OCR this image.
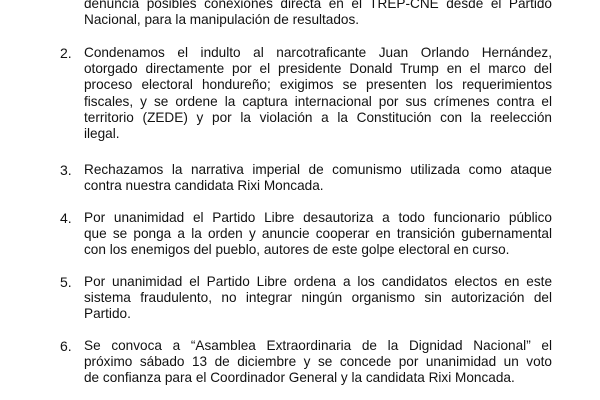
denuncia posibles conexiones directa en el TREP-CNE desde el Partido
Nacional, para la manipulación de resultados.
2. Condenamos el indulto al narcotraficante Juan Orlando Hernández,
otorgado directamente por el presidente Donald Trump en el marco del
proceso electoral hondureño; exigimos se presenten los requerimientos
fiscales, y se ordene la captura internacional por sus crímenes contra el
territorio (ZEDE) y por la violación a la Constitución con la reelección
ilegal.
3. Rechazamos la narrativa imperial de comunismo utilizada como ataque
contra nuestra candidata Rixi Moncada.
4. Por unanimidad el Partido Libre desautoriza a todo funcionario público
que se ponga a la orden y anuncie cooperar en transición gubernamental
con los enemigos del pueblo, autores de este golpe electoral en curso.
5. Por unanimidad el Partido Libre ordena a los candidatos electos en este
sistema fraudulento, no integrar ningún organismo sin autorización del
Partido.
6. Se convoca a “Asamblea Extraordinaria de la Dignidad Nacional” el
próximo sábado 13 de diciembre y se concede por unanimidad un voto
de confianza para el Coordinador General y la candidata Rixi Moncada.
